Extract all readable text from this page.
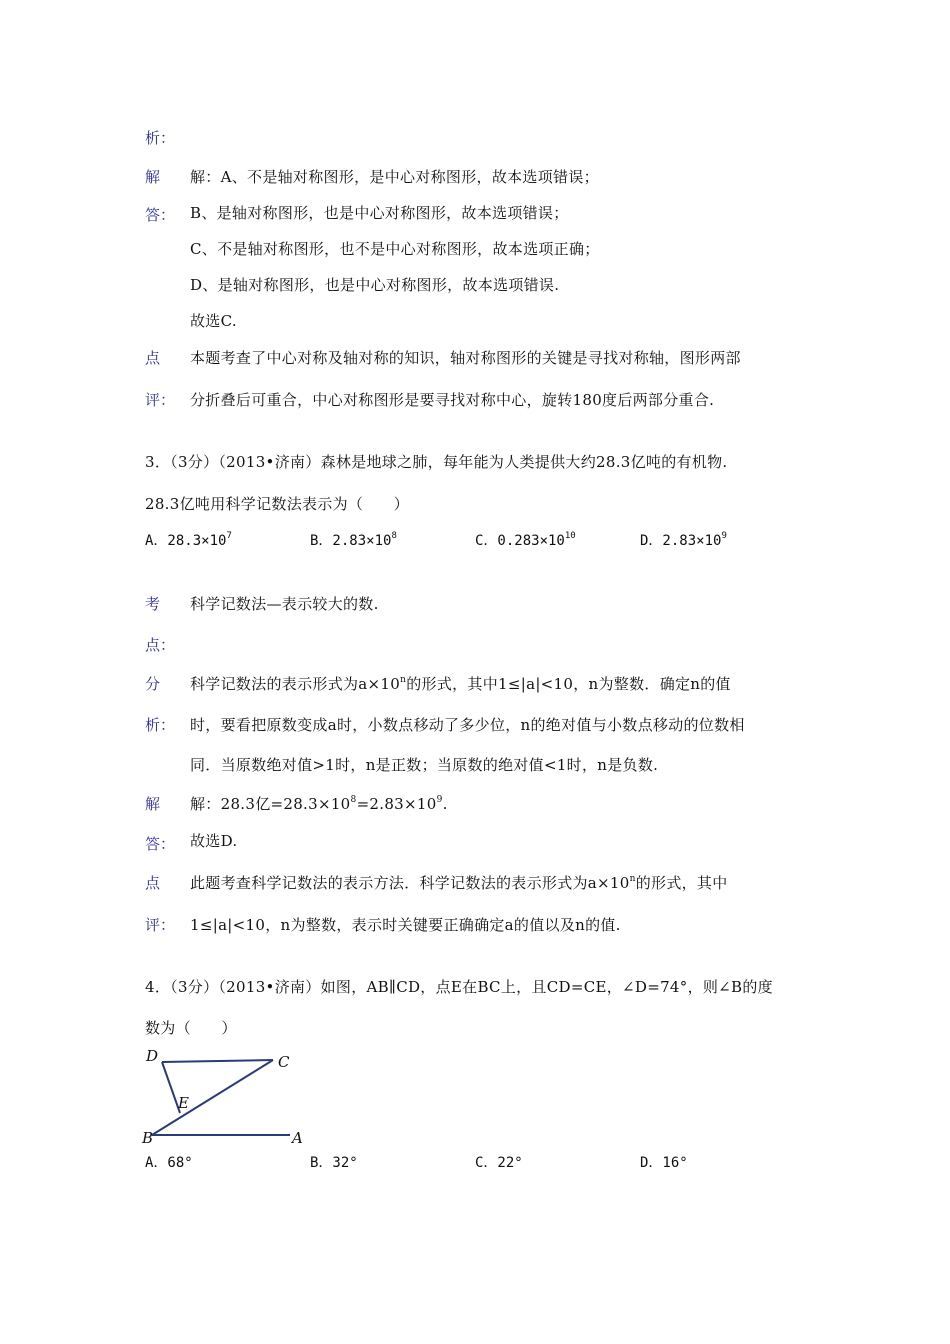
析：
解 解：A、不是轴对称图形，是中心对称图形，故本选项错误；
答： B、是轴对称图形，也是中心对称图形，故本选项错误；
C、不是轴对称图形，也不是中心对称图形，故本选项正确；
D、是轴对称图形，也是中心对称图形，故本选项错误.
故选C.
点 本题考查了中心对称及轴对称的知识，轴对称图形的关键是寻找对称轴，图形两部
评： 分折叠后可重合，中心对称图形是要寻找对称中心，旋转180度后两部分重合.
3．（3分）（2013•济南）森林是地球之肺，每年能为人类提供大约28.3亿吨的有机物.
28.3亿吨用科学记数法表示为（　　）
A．$28.3\times 10^7$	B．$2.83\times 10^8$	C．$0.283\times 10^{10}$	D．$2.83\times 10^9$
考 科学记数法—表示较大的数.
点：
分 科学记数法的表示形式为$a\times 10^n$的形式，其中1≤|a|<10，n为整数．确定n的值
析： 时，要看把原数变成a时，小数点移动了多少位，n的绝对值与小数点移动的位数相
同．当原数绝对值>1时，n是正数；当原数的绝对值<1时，n是负数.
解 解：28.3亿$=28.3\times 10^8=2.83\times 10^9$.
答： 故选D.
点 此题考查科学记数法的表示方法．科学记数法的表示形式为$a\times 10^n$的形式，其中
评： 1≤|a|<10，n为整数，表示时关键要正确确定a的值以及n的值.
4．（3分）（2013•济南）如图，AB∥CD，点E在BC上，且CD=CE，∠D=74°，则∠B的度
数为（　　）
D	C
E
B	A
A．68°	B．32°	C．22°	D．16°
